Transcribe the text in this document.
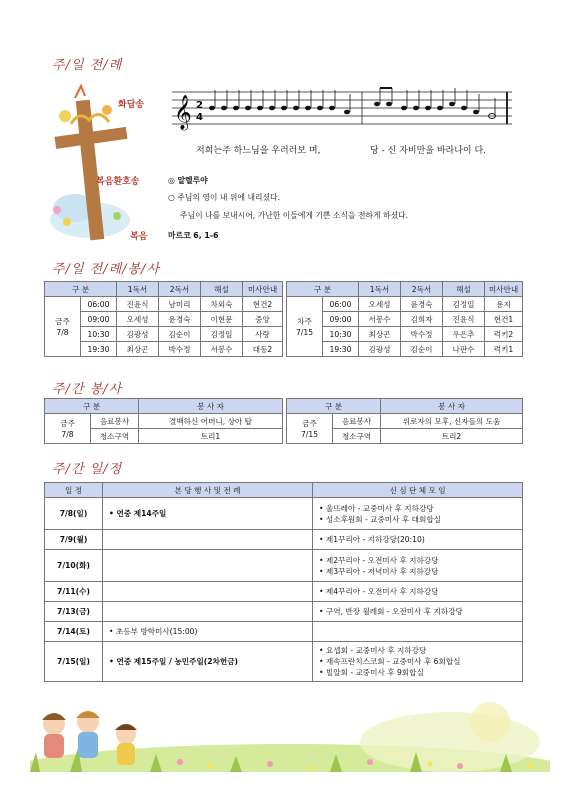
주/일 전/례
화답송 𝄞 2
4
저희는주 하느님을 우러러보 며,	당 - 신 자비만을 바라나이 다.
복음환호송	◎ 알렐루야
○ 주님의 영이 내 위에 내리셨다.
주님이 나를 보내시어, 가난한 이들에게 기쁜 소식을 전하게 하셨다.
복음	마르코 6, 1-6
주/일 전/례/봉/사
구 분		1독서	2독서	해설	미사안내
금주
7/8	06:00	진윤식	남미리	차외숙	현건2
	09:00	오세성	윤경숙	이현문	중앙
	10:30	김광성	김순이	김정일	사랑
	19:30	최상곤	박수정	서봉수	대동2
구 분		1독서	2독서	해설	미사안내
차주
7/15	06:00	오세성	윤경숙	김정일	용지
	09:00	서봉수	김희자	진윤식	현건1
	10:30	최상곤	박수정	우은추	럭키2
	19:30	김광성	김순이	나판수	럭키1
주/간 봉/사
구 분		봉 사 자
금주
7/8	음료봉사	결백하신 어머니, 상아 탑
	청소구역	트리1
구 분		봉 사 자
금주
7/15	음료봉사	위로자의 모후, 신자들의 도움
	청소구역	트리2
주/간 일/정
일 정	본 당 행 사 및 전 례	신 심 단 체 모 임
7/8(일)	• 연중 제14주일	• 울뜨레아 - 교중미사 후 지하강당
• 성소후원회 - 교중미사 후 대회합실

7/9(월)		• 제1꾸리아 - 지하강당(20:10)

7/10(화)		• 제2꾸리아 - 오전미사 후 지하강당
• 제3꾸리아 - 저녁미사 후 지하강당

7/11(수)		• 제4꾸리아 - 오전미사 후 지하강당

7/13(금)		• 구역, 반장 월례회 - 오전미사 후 지하강당

7/14(토)	• 초등부 방학미사(15:00)	

7/15(일)	• 연중 제15주일 / 농민주일(2차헌금)	• 요셉회 - 교중미사 후 지하강당
• 재속프란치스코회 - 교중미사 후 6회합실
• 빌알회 - 교중미사 후 9회합실
